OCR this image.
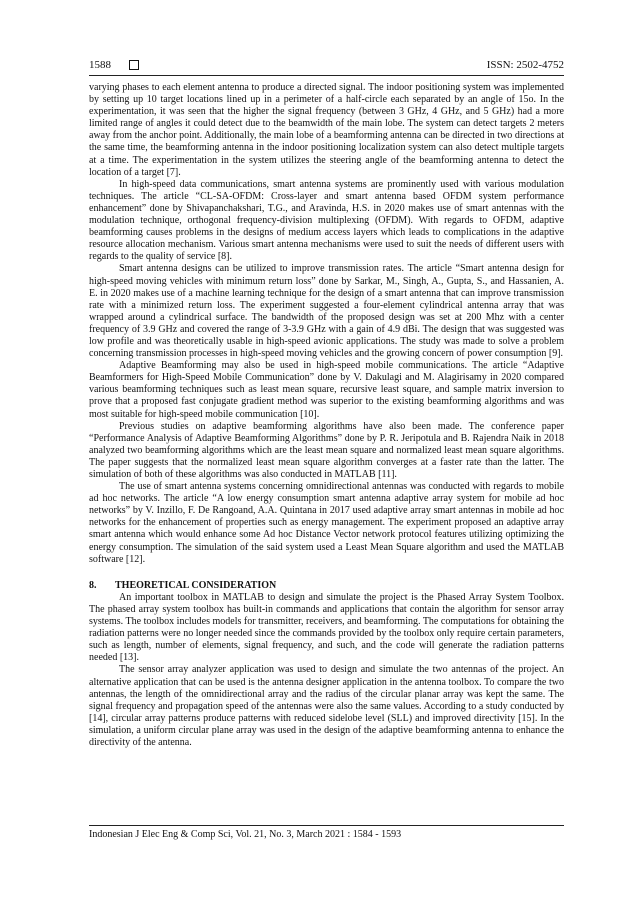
1588	ISSN: 2502-4752

varying phases to each element antenna to produce a directed signal. The indoor positioning system was implemented by setting up 10 target locations lined up in a perimeter of a half-circle each separated by an angle of 15o. In the experimentation, it was seen that the higher the signal frequency (between 3 GHz, 4 GHz, and 5 GHz) had a more limited range of angles it could detect due to the beamwidth of the main lobe. The system can detect targets 2 meters away from the anchor point. Additionally, the main lobe of a beamforming antenna can be directed in two directions at the same time, the beamforming antenna in the indoor positioning localization system can also detect multiple targets at a time. The experimentation in the system utilizes the steering angle of the beamforming antenna to detect the location of a target [7].

In high-speed data communications, smart antenna systems are prominently used with various modulation techniques. The article “CL-SA-OFDM: Cross-layer and smart antenna based OFDM system performance enhancement” done by Shivapanchakshari, T.G., and Aravinda, H.S. in 2020 makes use of smart antennas with the modulation technique, orthogonal frequency-division multiplexing (OFDM). With regards to OFDM, adaptive beamforming causes problems in the designs of medium access layers which leads to complications in the adaptive resource allocation mechanism. Various smart antenna mechanisms were used to suit the needs of different users with regards to the quality of service [8].

Smart antenna designs can be utilized to improve transmission rates. The article “Smart antenna design for high-speed moving vehicles with minimum return loss” done by Sarkar, M., Singh, A., Gupta, S., and Hassanien, A. E. in 2020 makes use of a machine learning technique for the design of a smart antenna that can improve transmission rate with a minimized return loss. The experiment suggested a four-element cylindrical antenna array that was wrapped around a cylindrical surface. The bandwidth of the proposed design was set at 200 Mhz with a center frequency of 3.9 GHz and covered the range of 3-3.9 GHz with a gain of 4.9 dBi. The design that was suggested was low profile and was theoretically usable in high-speed avionic applications. The study was made to solve a problem concerning transmission processes in high-speed moving vehicles and the growing concern of power consumption [9].

Adaptive Beamforming may also be used in high-speed mobile communications. The article “Adaptive Beamformers for High-Speed Mobile Communication” done by V. Dakulagi and M. Alagirisamy in 2020 compared various beamforming techniques such as least mean square, recursive least square, and sample matrix inversion to prove that a proposed fast conjugate gradient method was superior to the existing beamforming algorithms and was most suitable for high-speed mobile communication [10].

Previous studies on adaptive beamforming algorithms have also been made. The conference paper “Performance Analysis of Adaptive Beamforming Algorithms” done by P. R. Jeripotula and B. Rajendra Naik in 2018 analyzed two beamforming algorithms which are the least mean square and normalized least mean square algorithms. The paper suggests that the normalized least mean square algorithm converges at a faster rate than the latter. The simulation of both of these algorithms was also conducted in MATLAB [11].

The use of smart antenna systems concerning omnidirectional antennas was conducted with regards to mobile ad hoc networks. The article “A low energy consumption smart antenna adaptive array system for mobile ad hoc networks” by V. Inzillo, F. De Rangoand, A.A. Quintana in 2017 used adaptive array smart antennas in mobile ad hoc networks for the enhancement of properties such as energy management. The experiment proposed an adaptive array smart antenna which would enhance some Ad hoc Distance Vector network protocol features utilizing optimizing the energy consumption. The simulation of the said system used a Least Mean Square algorithm and used the MATLAB software [12].

8.	THEORETICAL CONSIDERATION

An important toolbox in MATLAB to design and simulate the project is the Phased Array System Toolbox. The phased array system toolbox has built-in commands and applications that contain the algorithm for sensor array systems. The toolbox includes models for transmitter, receivers, and beamforming. The computations for obtaining the radiation patterns were no longer needed since the commands provided by the toolbox only require certain parameters, such as length, number of elements, signal frequency, and such, and the code will generate the radiation patterns needed [13].

The sensor array analyzer application was used to design and simulate the two antennas of the project. An alternative application that can be used is the antenna designer application in the antenna toolbox. To compare the two antennas, the length of the omnidirectional array and the radius of the circular planar array was kept the same. The signal frequency and propagation speed of the antennas were also the same values. According to a study conducted by [14], circular array patterns produce patterns with reduced sidelobe level (SLL) and improved directivity [15]. In the simulation, a uniform circular plane array was used in the design of the adaptive beamforming antenna to enhance the directivity of the antenna.

Indonesian J Elec Eng & Comp Sci, Vol. 21, No. 3, March 2021 : 1584 - 1593
